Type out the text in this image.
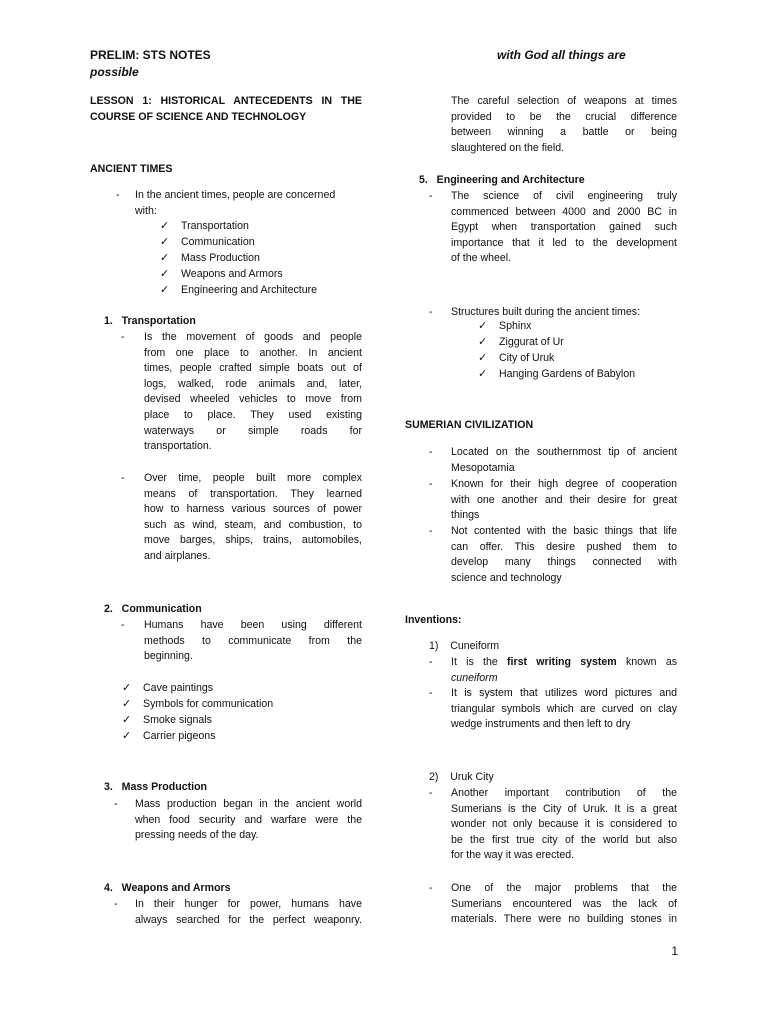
PRELIM: STS NOTES
possible
with God all things are
LESSON 1: HISTORICAL ANTECEDENTS IN THE
COURSE OF SCIENCE AND TECHNOLOGY
ANCIENT TIMES
- In the ancient times, people are concerned
with:
✓ Transportation
✓ Communication
✓ Mass Production
✓ Weapons and Armors
✓ Engineering and Architecture
1.   Transportation
- Is the movement of goods and people
from one place to another. In ancient
times, people crafted simple boats out of
logs, walked, rode animals and, later,
devised wheeled vehicles to move from
place to place. They used existing
waterways or simple roads for
transportation.
- Over time, people built more complex
means of transportation. They learned
how to harness various sources of power
such as wind, steam, and combustion, to
move barges, ships, trains, automobiles,
and airplanes.
2.   Communication
- Humans have been using different
methods to communicate from the
beginning.
✓ Cave paintings
✓ Symbols for communication
✓ Smoke signals
✓ Carrier pigeons
3.   Mass Production
- Mass production began in the ancient world
when food security and warfare were the
pressing needs of the day.
4.   Weapons and Armors
- In their hunger for power, humans have
always searched for the perfect weaponry.
The careful selection of weapons at times
provided to be the crucial difference
between winning a battle or being
slaughtered on the field.
5.   Engineering and Architecture
- The science of civil engineering truly
commenced between 4000 and 2000 BC in
Egypt when transportation gained such
importance that it led to the development
of the wheel.
- Structures built during the ancient times:
✓ Sphinx
✓ Ziggurat of Ur
✓ City of Uruk
✓ Hanging Gardens of Babylon
SUMERIAN CIVILIZATION
- Located on the southernmost tip of ancient
Mesopotamia
- Known for their high degree of cooperation
with one another and their desire for great
things
- Not contented with the basic things that life
can offer. This desire pushed them to
develop many things connected with
science and technology
Inventions:
1)    Cuneiform
- It is the first writing system known as
cuneiform
- It is system that utilizes word pictures and
triangular symbols which are curved on clay
wedge instruments and then left to dry
2)    Uruk City
- Another important contribution of the
Sumerians is the City of Uruk. It is a great
wonder not only because it is considered to
be the first true city of the world but also
for the way it was erected.
- One of the major problems that the
Sumerians encountered was the lack of
materials. There were no building stones in
1
